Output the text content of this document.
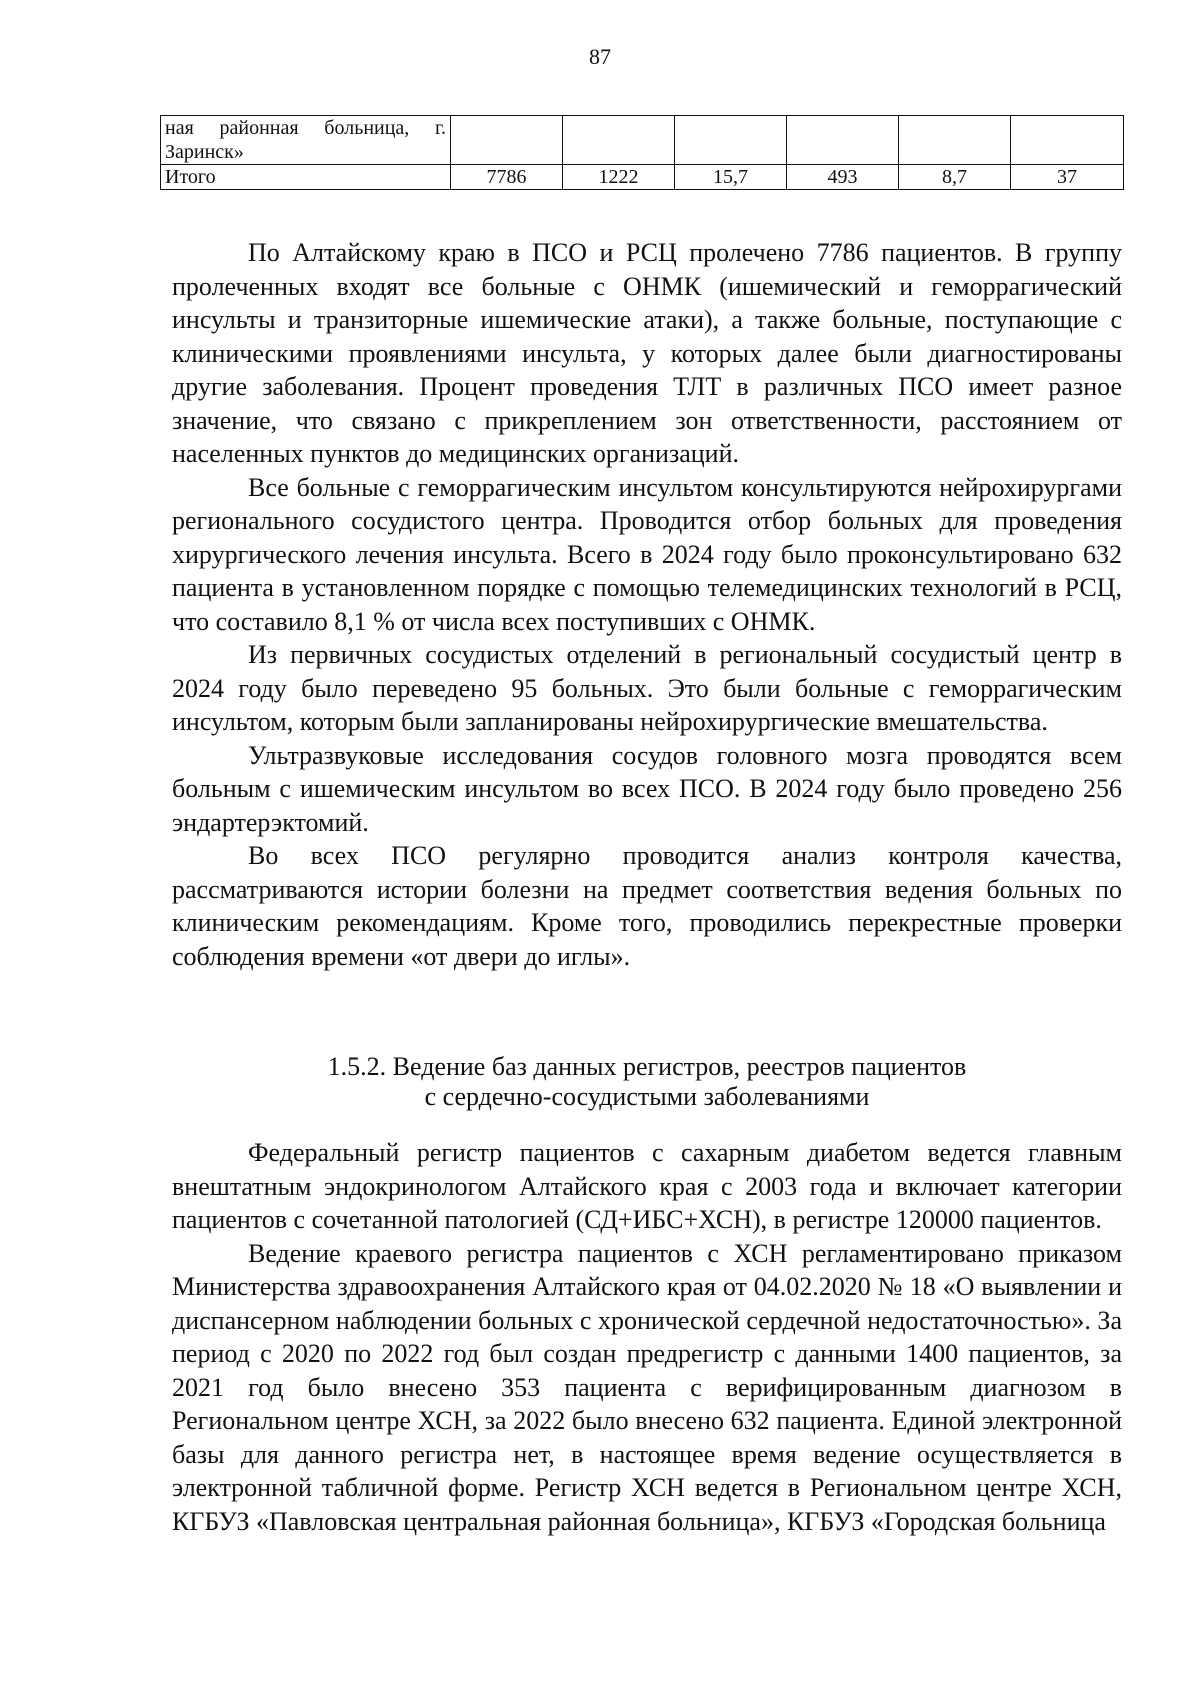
87
ная районная больница, г. Заринск»						

Итого	7786	1222	15,7	493	8,7	37

По Алтайскому краю в ПСО и РСЦ пролечено 7786 пациентов. В группу пролеченных входят все больные с ОНМК (ишемический и геморрагический инсульты и транзиторные ишемические атаки), а также больные, поступающие с клиническими проявлениями инсульта, у которых далее были диагностированы другие заболевания. Процент проведения ТЛТ в различных ПСО имеет разное значение, что связано с прикреплением зон ответственности, расстоянием от населенных пунктов до медицинских организаций.

Все больные с геморрагическим инсультом консультируются нейрохирургами регионального сосудистого центра. Проводится отбор больных для проведения хирургического лечения инсульта. Всего в 2024 году было проконсультировано 632 пациента в установленном порядке с помощью телемедицинских технологий в РСЦ, что составило 8,1 % от числа всех поступивших с ОНМК.

Из первичных сосудистых отделений в региональный сосудистый центр в 2024 году было переведено 95 больных. Это были больные с геморрагическим инсультом, которым были запланированы нейрохирургические вмешательства.

Ультразвуковые исследования сосудов головного мозга проводятся всем больным с ишемическим инсультом во всех ПСО. В 2024 году было проведено 256 эндартерэктомий.

Во всех ПСО регулярно проводится анализ контроля качества, рассматриваются истории болезни на предмет соответствия ведения больных по клиническим рекомендациям. Кроме того, проводились перекрестные проверки соблюдения времени «от двери до иглы».

1.5.2. Ведение баз данных регистров, реестров пациентов
с сердечно-сосудистыми заболеваниями

Федеральный регистр пациентов с сахарным диабетом ведется главным внештатным эндокринологом Алтайского края с 2003 года и включает категории пациентов с сочетанной патологией (СД+ИБС+ХСН), в регистре 120000 пациентов.

Ведение краевого регистра пациентов с ХСН регламентировано приказом Министерства здравоохранения Алтайского края от 04.02.2020 № 18 «О выявлении и диспансерном наблюдении больных с хронической сердечной недостаточностью». За период с 2020 по 2022 год был создан предрегистр с данными 1400 пациентов, за 2021 год было внесено 353 пациента с верифицированным диагнозом в Региональном центре ХСН, за 2022 было внесено 632 пациента. Единой электронной базы для данного регистра нет, в настоящее время ведение осуществляется в электронной табличной форме. Регистр ХСН ведется в Региональном центре ХСН, КГБУЗ «Павловская центральная районная больница», КГБУЗ «Городская больница
